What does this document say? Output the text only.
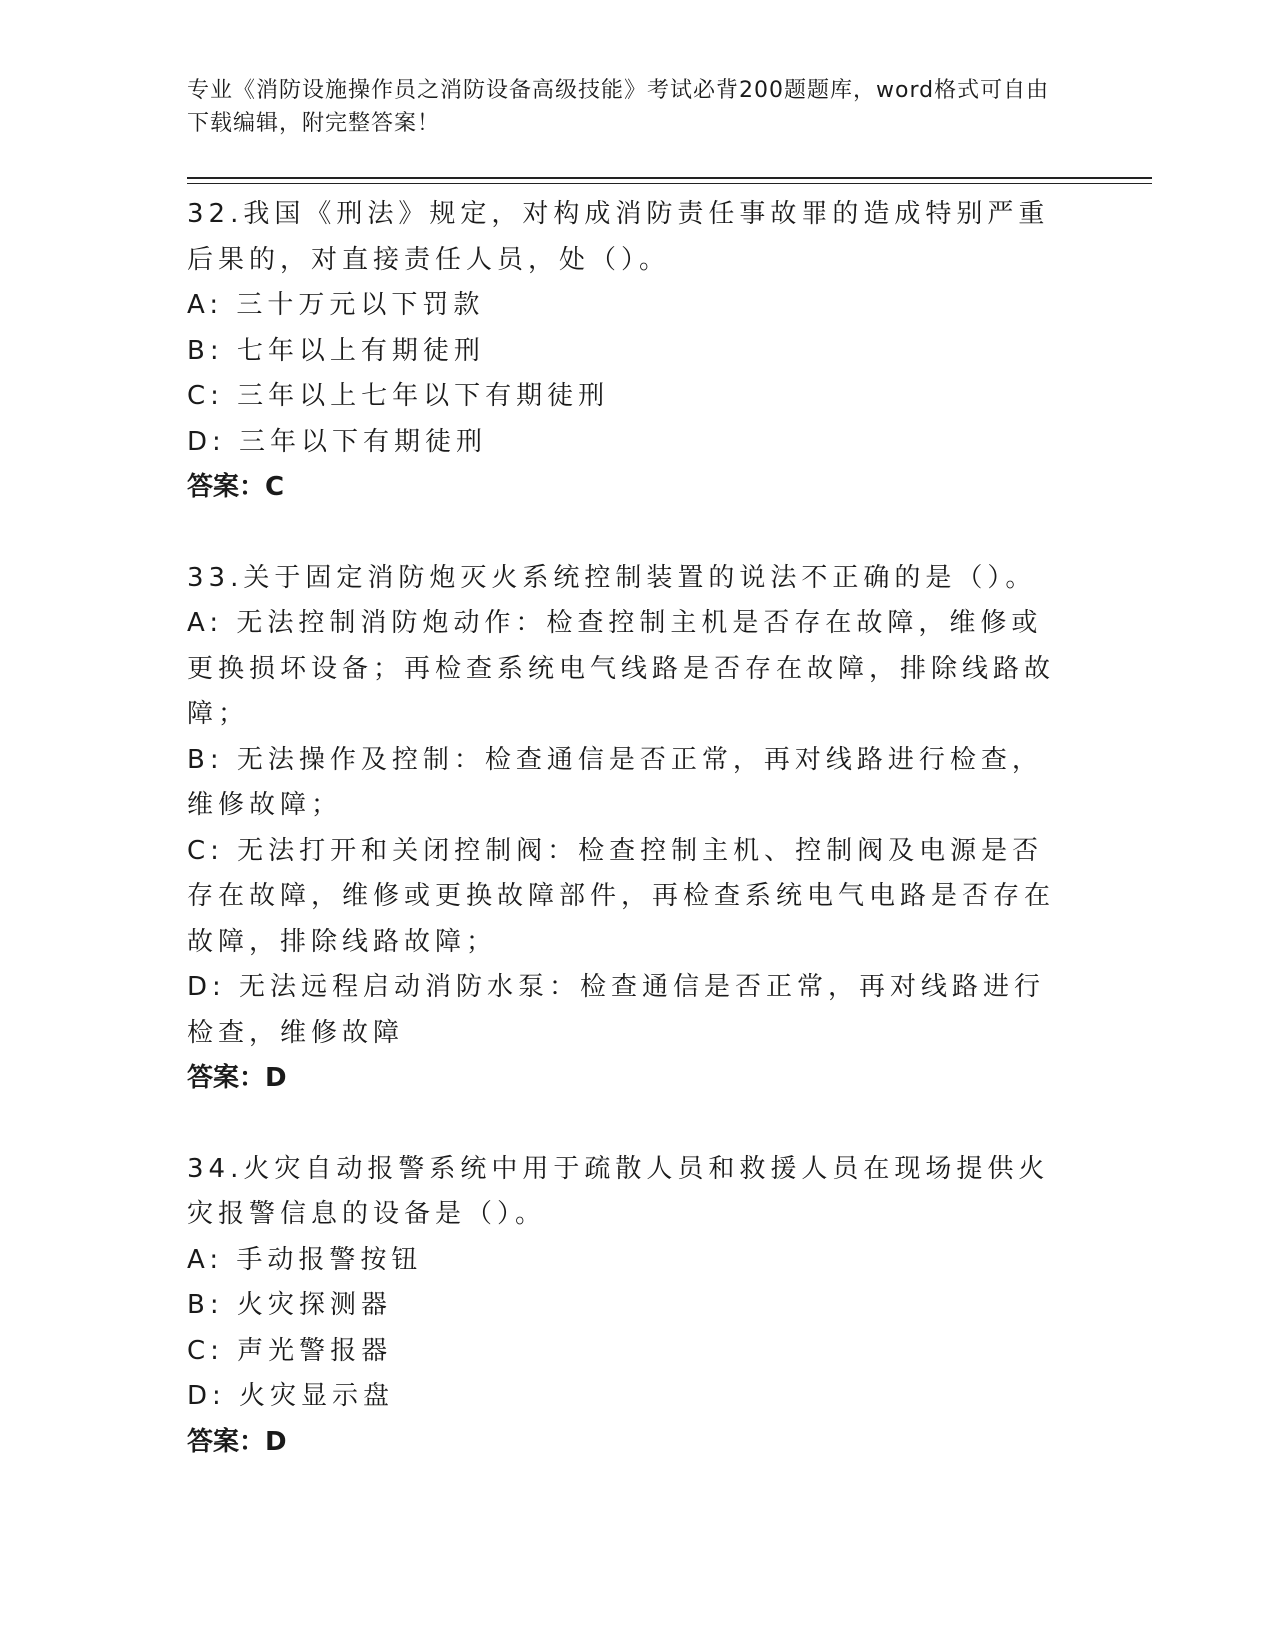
专业《消防设施操作员之消防设备高级技能》考试必背200题题库，word格式可自由下载编辑，附完整答案！
32.我国《刑法》规定，对构成消防责任事故罪的造成特别严重后果的，对直接责任人员，处（）。
A: 三十万元以下罚款
B: 七年以上有期徒刑
C: 三年以上七年以下有期徒刑
D: 三年以下有期徒刑
答案：C
33.关于固定消防炮灭火系统控制装置的说法不正确的是（）。
A: 无法控制消防炮动作：检查控制主机是否存在故障，维修或更换损坏设备；再检查系统电气线路是否存在故障，排除线路故障；
B: 无法操作及控制：检查通信是否正常，再对线路进行检查，维修故障；
C: 无法打开和关闭控制阀：检查控制主机、控制阀及电源是否存在故障，维修或更换故障部件，再检查系统电气电路是否存在故障，排除线路故障；
D: 无法远程启动消防水泵：检查通信是否正常，再对线路进行检查，维修故障
答案：D
34.火灾自动报警系统中用于疏散人员和救援人员在现场提供火灾报警信息的设备是（）。
A: 手动报警按钮
B: 火灾探测器
C: 声光警报器
D: 火灾显示盘
答案：D
